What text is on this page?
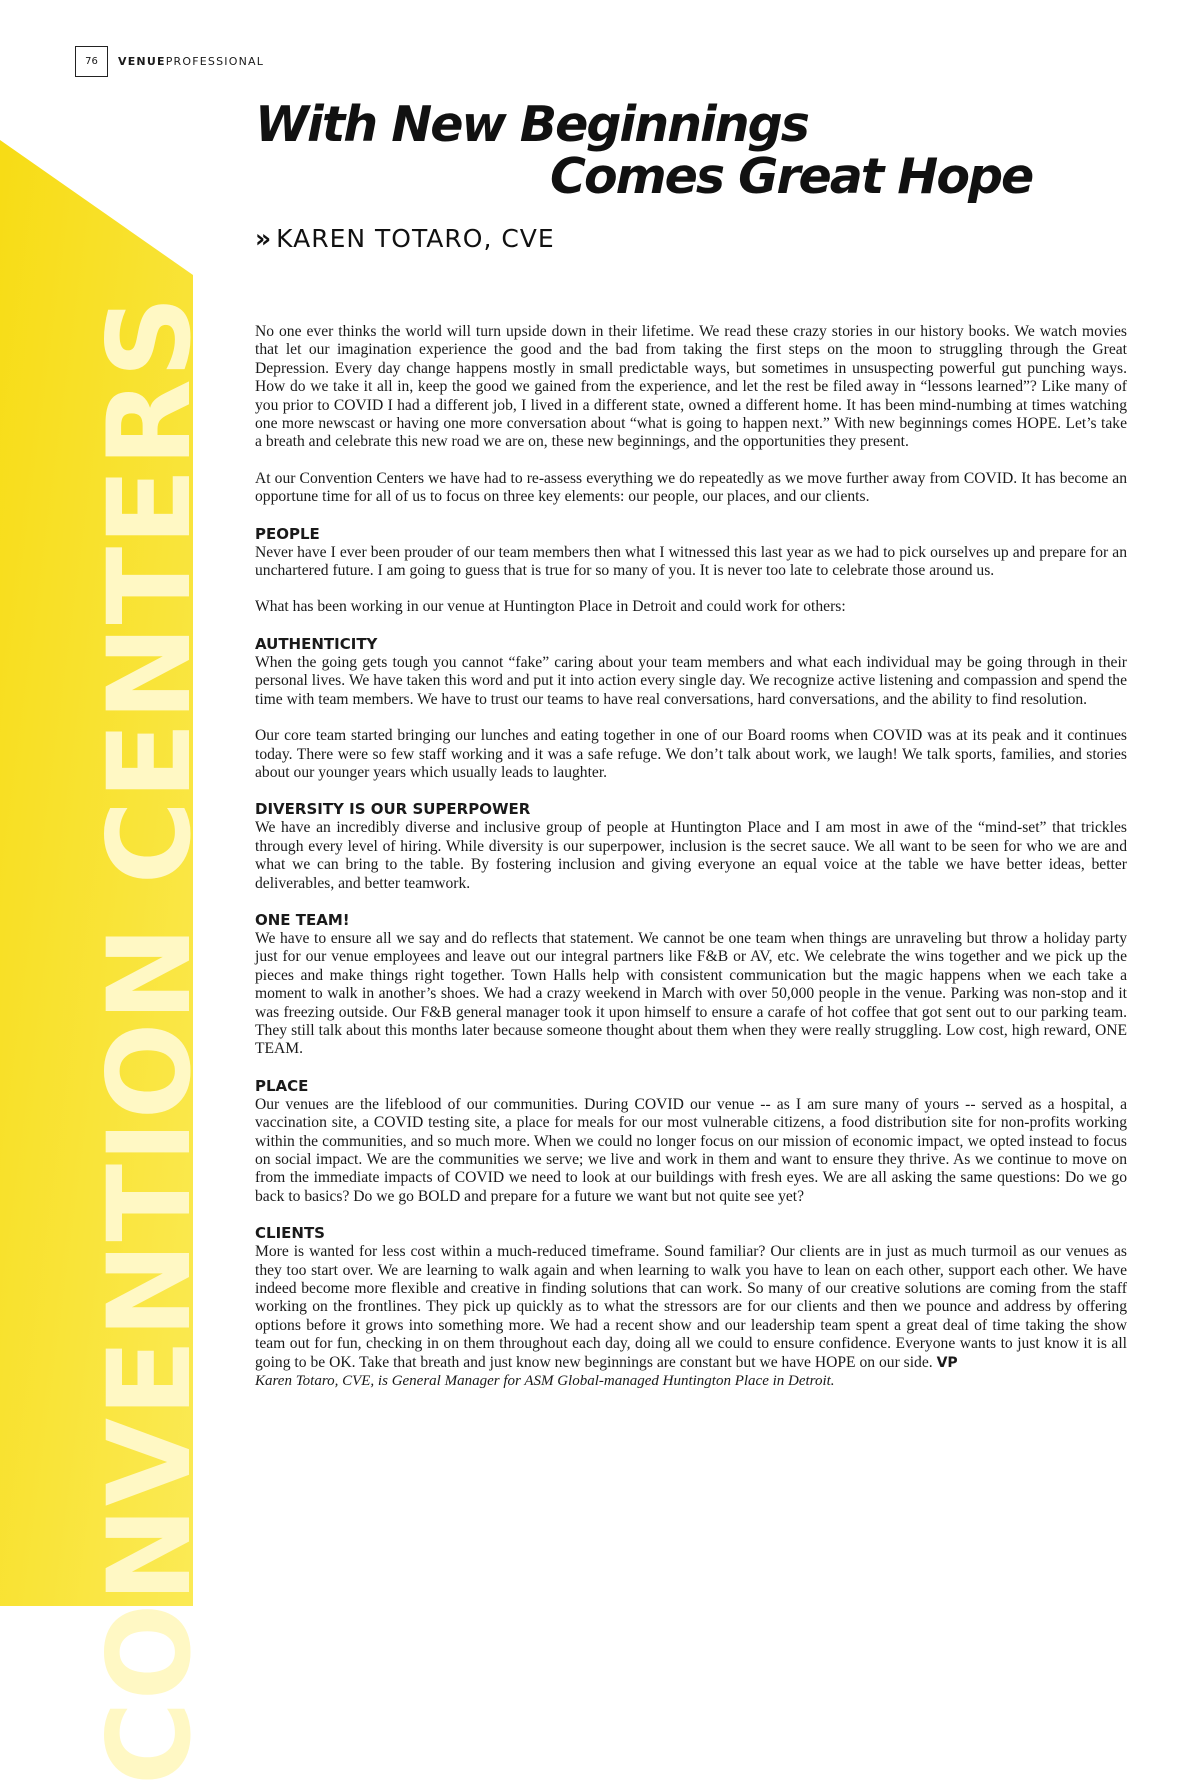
CONVENTION CENTERS
76	VENUEPROFESSIONAL
With New Beginnings
Comes Great Hope
» KAREN TOTARO, CVE

No one ever thinks the world will turn upside down in their lifetime. We read these crazy stories in our history books. We watch movies that let our imagination experience the good and the bad from taking the first steps on the moon to struggling through the Great Depression. Every day change happens mostly in small predictable ways, but sometimes in unsuspecting powerful gut punching ways. How do we take it all in, keep the good we gained from the experience, and let the rest be filed away in “lessons learned”? Like many of you prior to COVID I had a different job, I lived in a different state, owned a different home. It has been mind-numbing at times watching one more newscast or having one more conversation about “what is going to happen next.” With new beginnings comes HOPE. Let’s take a breath and celebrate this new road we are on, these new beginnings, and the opportunities they present.

At our Convention Centers we have had to re-assess everything we do repeatedly as we move further away from COVID. It has become an opportune time for all of us to focus on three key elements: our people, our places, and our clients.

PEOPLE

Never have I ever been prouder of our team members then what I witnessed this last year as we had to pick ourselves up and prepare for an unchartered future. I am going to guess that is true for so many of you. It is never too late to celebrate those around us.

What has been working in our venue at Huntington Place in Detroit and could work for others:

AUTHENTICITY

When the going gets tough you cannot “fake” caring about your team members and what each individual may be going through in their personal lives. We have taken this word and put it into action every single day. We recognize active listening and compassion and spend the time with team members. We have to trust our teams to have real conversations, hard conversations, and the ability to find resolution.

Our core team started bringing our lunches and eating together in one of our Board rooms when COVID was at its peak and it continues today. There were so few staff working and it was a safe refuge. We don’t talk about work, we laugh! We talk sports, families, and stories about our younger years which usually leads to laughter.

DIVERSITY IS OUR SUPERPOWER

We have an incredibly diverse and inclusive group of people at Huntington Place and I am most in awe of the “mind-set” that trickles through every level of hiring. While diversity is our superpower, inclusion is the secret sauce. We all want to be seen for who we are and what we can bring to the table. By fostering inclusion and giving everyone an equal voice at the table we have better ideas, better deliverables, and better teamwork.

ONE TEAM!

We have to ensure all we say and do reflects that statement. We cannot be one team when things are unraveling but throw a holiday party just for our venue employees and leave out our integral partners like F&B or AV, etc. We celebrate the wins together and we pick up the pieces and make things right together. Town Halls help with consistent communication but the magic happens when we each take a moment to walk in another’s shoes. We had a crazy weekend in March with over 50,000 people in the venue. Parking was non-stop and it was freezing outside. Our F&B general manager took it upon himself to ensure a carafe of hot coffee that got sent out to our parking team. They still talk about this months later because someone thought about them when they were really struggling. Low cost, high reward, ONE TEAM.

PLACE

Our venues are the lifeblood of our communities. During COVID our venue -- as I am sure many of yours -- served as a hospital, a vaccination site, a COVID testing site, a place for meals for our most vulnerable citizens, a food distribution site for non-profits working within the communities, and so much more. When we could no longer focus on our mission of economic impact, we opted instead to focus on social impact. We are the communities we serve; we live and work in them and want to ensure they thrive. As we continue to move on from the immediate impacts of COVID we need to look at our buildings with fresh eyes. We are all asking the same questions: Do we go back to basics? Do we go BOLD and prepare for a future we want but not quite see yet?

CLIENTS

More is wanted for less cost within a much-reduced timeframe. Sound familiar? Our clients are in just as much turmoil as our venues as they too start over. We are learning to walk again and when learning to walk you have to lean on each other, support each other. We have indeed become more flexible and creative in finding solutions that can work. So many of our creative solutions are coming from the staff working on the frontlines. They pick up quickly as to what the stressors are for our clients and then we pounce and address by offering options before it grows into something more. We had a recent show and our leadership team spent a great deal of time taking the show team out for fun, checking in on them throughout each day, doing all we could to ensure confidence. Everyone wants to just know it is all going to be OK. Take that breath and just know new beginnings are constant but we have HOPE on our side. VP

Karen Totaro, CVE, is General Manager for ASM Global-managed Huntington Place in Detroit.
